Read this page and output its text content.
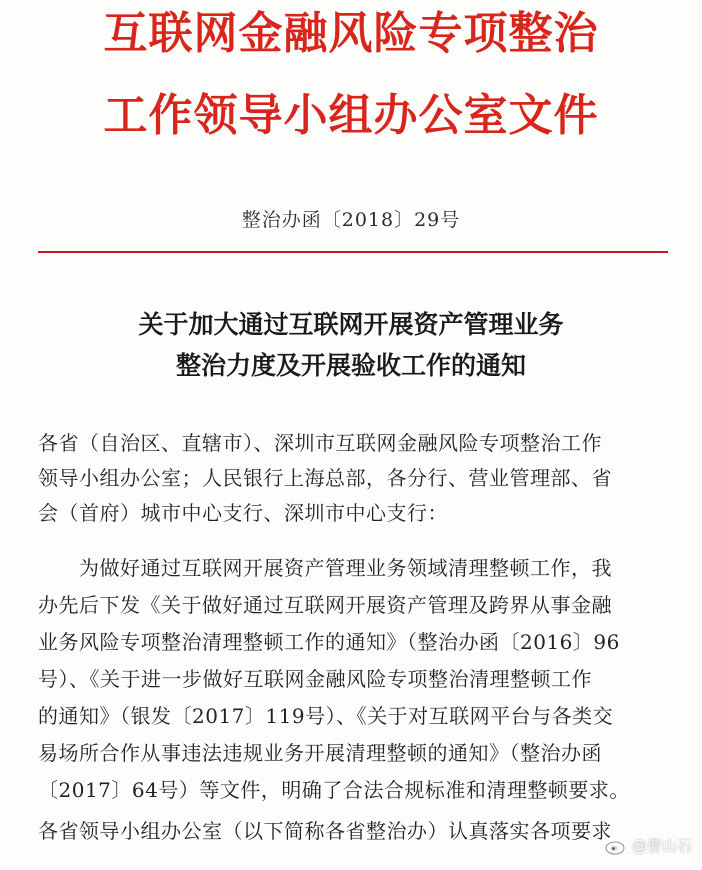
互联网金融风险专项整治
工作领导小组办公室文件
整治办函〔2018〕29号
关于加大通过互联网开展资产管理业务
整治力度及开展验收工作的通知
各省（自治区、直辖市）、深圳市互联网金融风险专项整治工作
领导小组办公室；人民银行上海总部，各分行、营业管理部、省
会（首府）城市中心支行、深圳市中心支行：
　　为做好通过互联网开展资产管理业务领域清理整顿工作，我
办先后下发《关于做好通过互联网开展资产管理及跨界从事金融
业务风险专项整治清理整顿工作的通知》（整治办函〔2016〕96
号）、《关于进一步做好互联网金融风险专项整治清理整顿工作
的通知》（银发〔2017〕119号）、《关于对互联网平台与各类交
易场所合作从事违法违规业务开展清理整顿的通知》（整治办函
〔2017〕64号）等文件，明确了合法合规标准和清理整顿要求。
各省领导小组办公室（以下简称各省整治办）认真落实各项要求
@曹山石
